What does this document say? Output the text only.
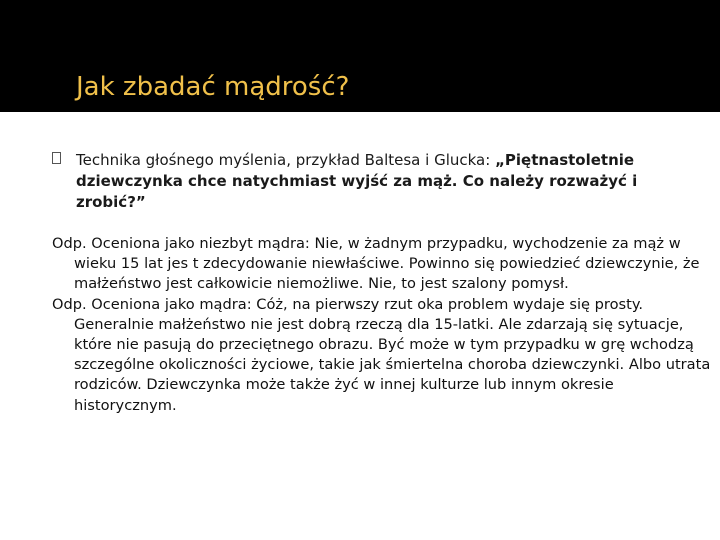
Jak zbadać mądrość?
Technika głośnego myślenia, przykład Baltesa i Glucka: „Piętnastoletnie dziewczynka chce natychmiast wyjść za mąż. Co należy rozważyć i zrobić?”

Odp. Oceniona jako niezbyt mądra: Nie, w żadnym przypadku, wychodzenie za mąż w wieku 15 lat jes t zdecydowanie niewłaściwe. Powinno się powiedzieć dziewczynie, że małżeństwo jest całkowicie niemożliwe. Nie, to jest szalony pomysł.

Odp. Oceniona jako mądra: Cóż, na pierwszy rzut oka problem wydaje się prosty. Generalnie małżeństwo nie jest dobrą rzeczą dla 15-latki. Ale zdarzają się sytuacje, które nie pasują do przeciętnego obrazu. Być może w tym przypadku w grę wchodzą szczególne okoliczności życiowe, takie jak śmiertelna choroba dziewczynki. Albo utrata rodziców. Dziewczynka może także żyć w innej kulturze lub innym okresie historycznym.
